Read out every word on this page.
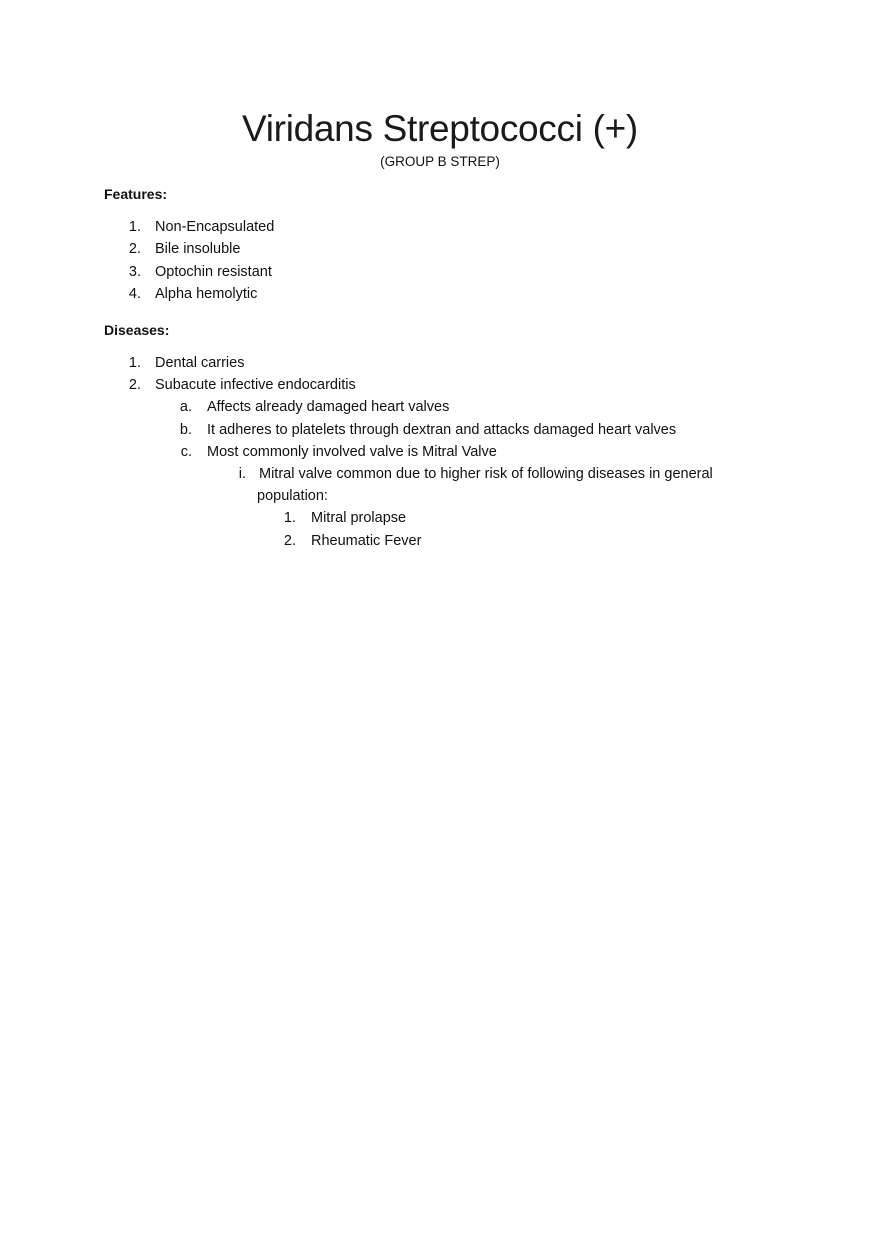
Viridans Streptococci (+)
(GROUP B STREP)
Features:
1. Non-Encapsulated
2. Bile insoluble
3. Optochin resistant
4. Alpha hemolytic
Diseases:
1. Dental carries
2. Subacute infective endocarditis
a. Affects already damaged heart valves
b. It adheres to platelets through dextran and attacks damaged heart valves
c. Most commonly involved valve is Mitral Valve
i. Mitral valve common due to higher risk of following diseases in general
population:
1. Mitral prolapse
2. Rheumatic Fever
